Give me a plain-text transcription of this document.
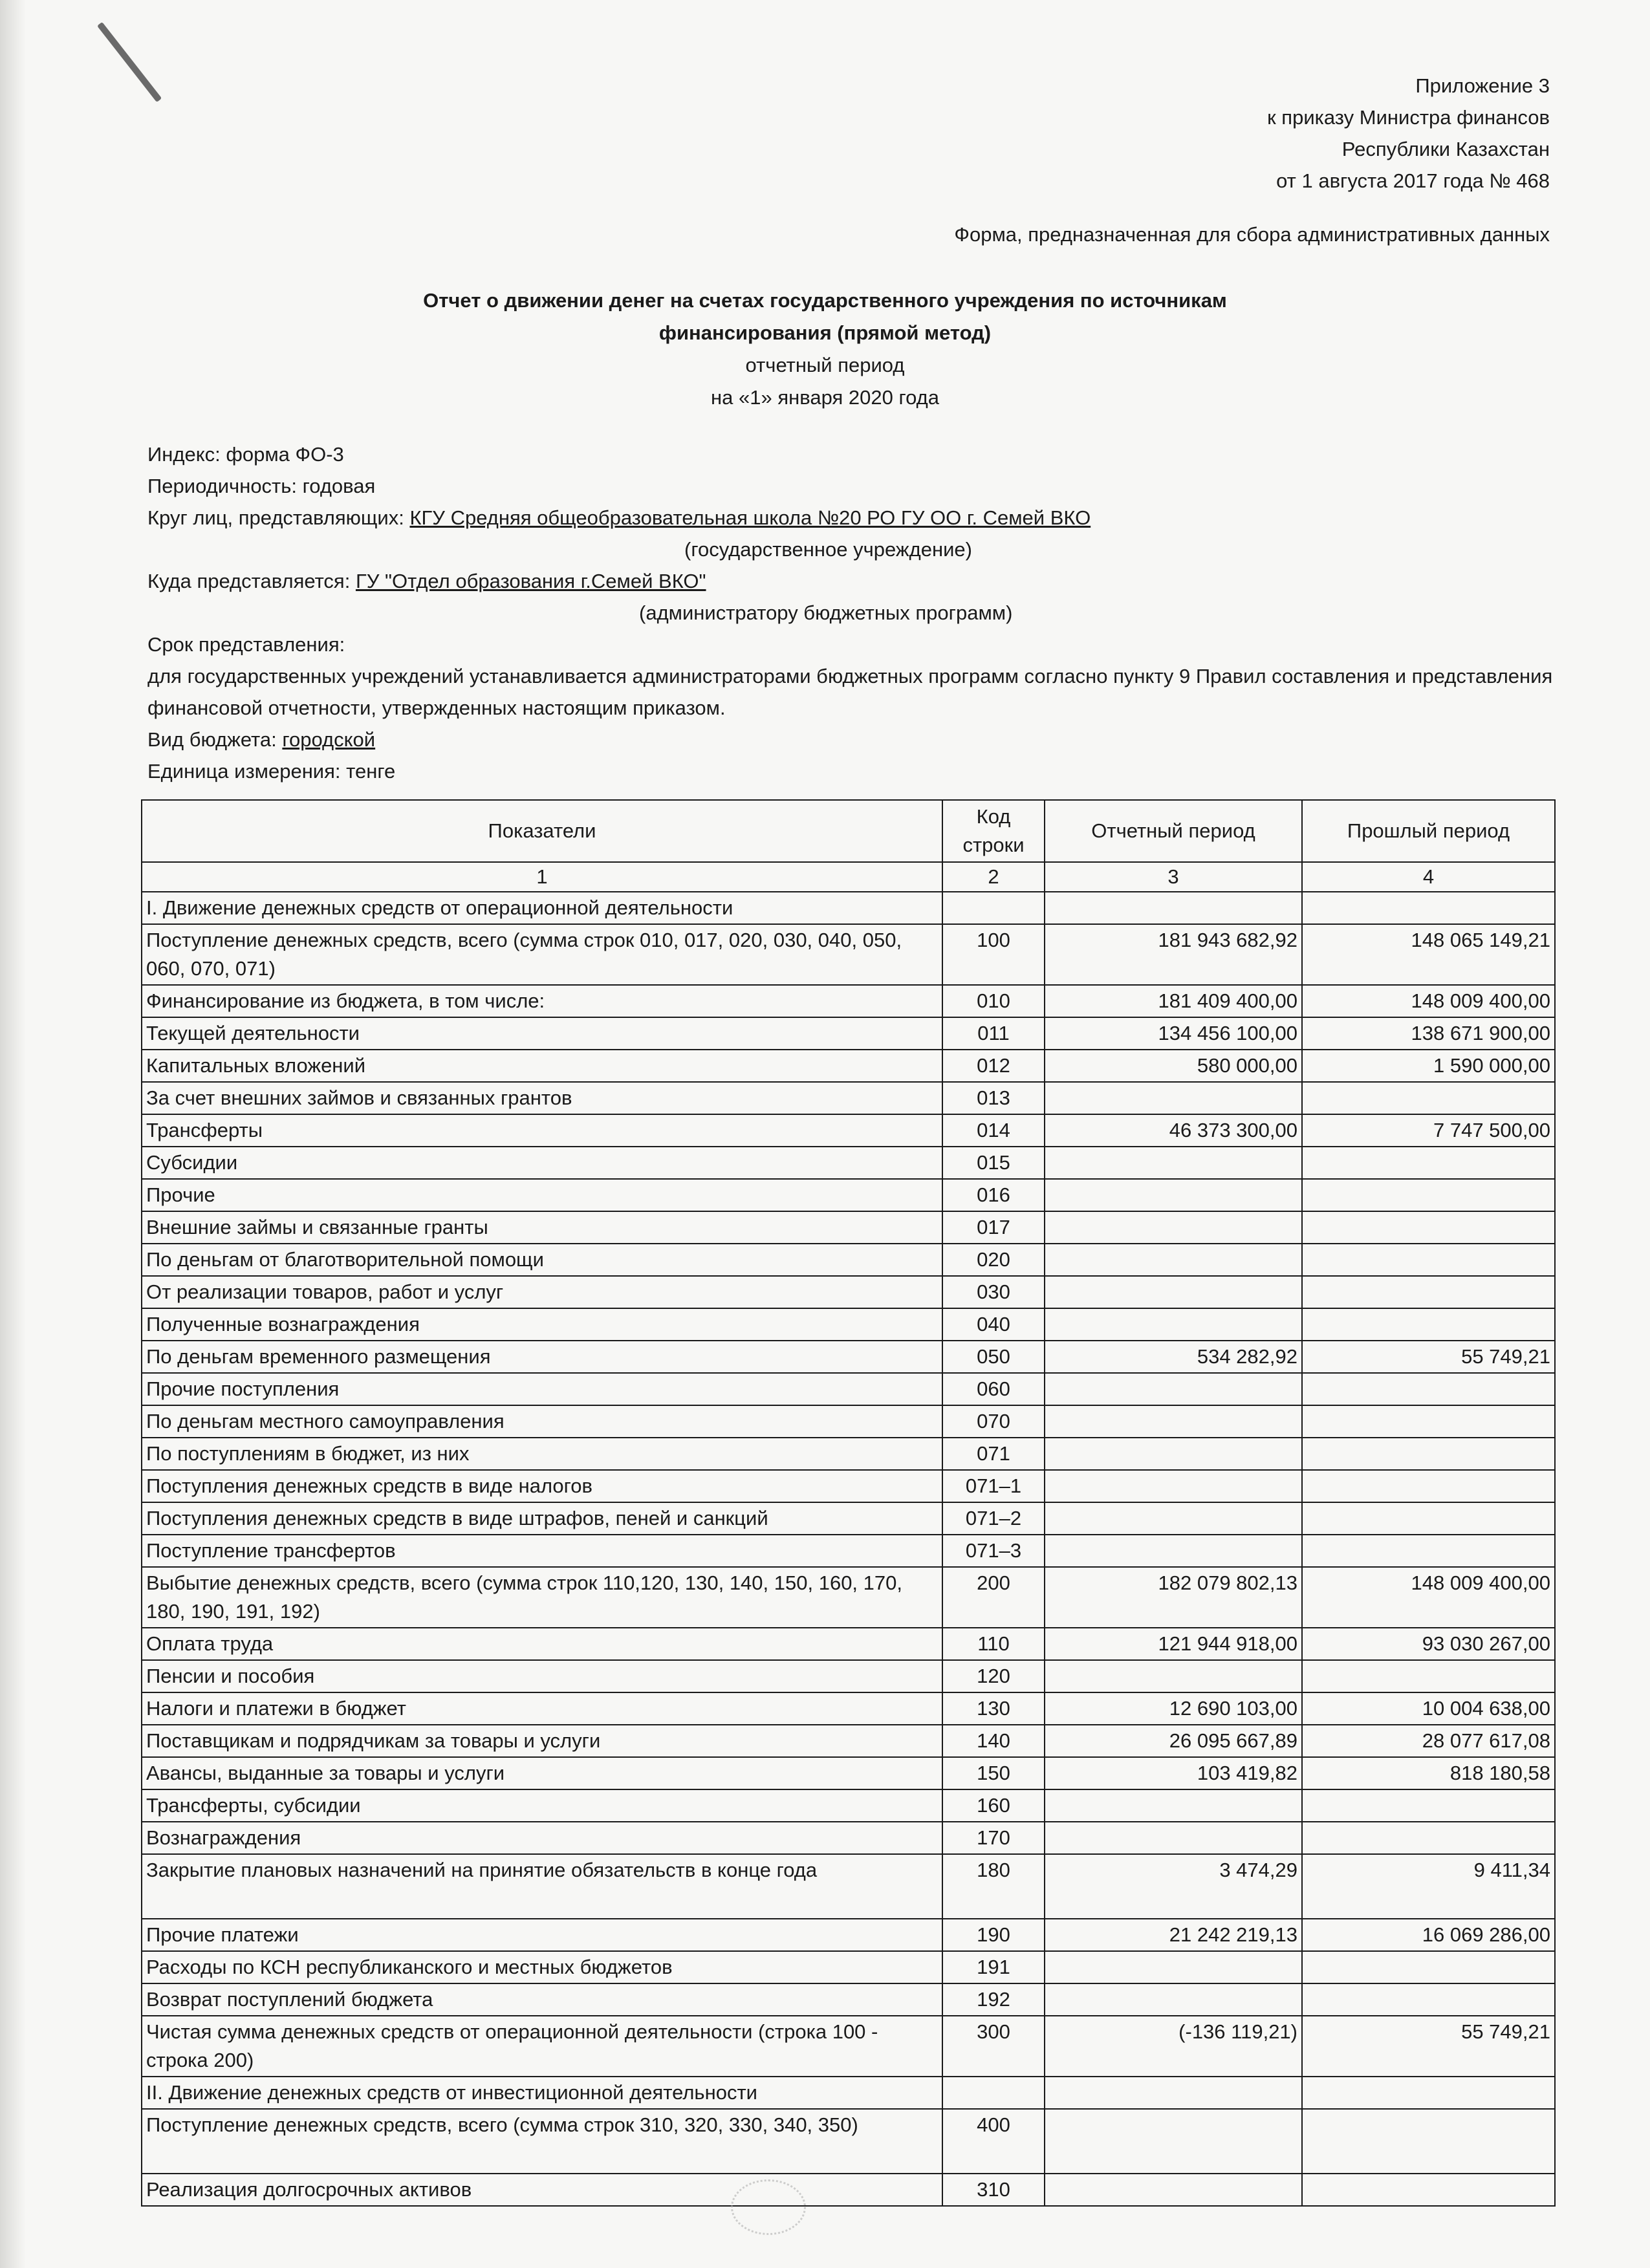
Приложение 3
к приказу Министра финансов
Республики Казахстан
от 1 августа 2017 года № 468
Форма, предназначенная для сбора административных данных
Отчет о движении денег на счетах государственного учреждения по источникам
финансирования (прямой метод)
отчетный период
на «1» января 2020 года
Индекс: форма ФО-3
Периодичность: годовая
Круг лиц, представляющих: КГУ Средняя общеобразовательная школа №20 РО ГУ ОО г. Семей ВКО
(государственное учреждение)
Куда представляется: ГУ "Отдел образования г.Семей ВКО"
(администратору бюджетных программ)
Срок представления:
для государственных учреждений устанавливается администраторами бюджетных программ согласно пункту 9 Правил составления и представления финансовой отчетности, утвержденных настоящим приказом.
Вид бюджета: городской
Единица измерения: тенге
Показатели	Код строки	Отчетный период	Прошлый период
1	2	3	4
I. Движение денежных средств от операционной деятельности			
Поступление денежных средств, всего (сумма строк 010, 017, 020, 030, 040, 050, 060, 070, 071)	100	181 943 682,92	148 065 149,21
Финансирование из бюджета, в том числе:	010	181 409 400,00	148 009 400,00
Текущей деятельности	011	134 456 100,00	138 671 900,00
Капитальных вложений	012	580 000,00	1 590 000,00
За счет внешних займов и связанных грантов	013		
Трансферты	014	46 373 300,00	7 747 500,00
Субсидии	015		
Прочие	016		
Внешние займы и связанные гранты	017		
По деньгам от благотворительной помощи	020		
От реализации товаров, работ и услуг	030		
Полученные вознаграждения	040		
По деньгам временного размещения	050	534 282,92	55 749,21
Прочие поступления	060		
По деньгам местного самоуправления	070		
По поступлениям в бюджет, из них	071		
Поступления денежных средств в виде налогов	071–1		
Поступления денежных средств в виде штрафов, пеней и санкций	071–2		
Поступление трансфертов	071–3		
Выбытие денежных средств, всего (сумма строк 110,120, 130, 140, 150, 160, 170, 180, 190, 191, 192)	200	182 079 802,13	148 009 400,00
Оплата труда	110	121 944 918,00	93 030 267,00
Пенсии и пособия	120		
Налоги и платежи в бюджет	130	12 690 103,00	10 004 638,00
Поставщикам и подрядчикам за товары и услуги	140	26 095 667,89	28 077 617,08
Авансы, выданные за товары и услуги	150	103 419,82	818 180,58
Трансферты, субсидии	160		
Вознаграждения	170		
Закрытие плановых назначений на принятие обязательств в конце года	180	3 474,29	9 411,34
Прочие платежи	190	21 242 219,13	16 069 286,00
Расходы по КСН республиканского и местных бюджетов	191		
Возврат поступлений бюджета	192		
Чистая сумма денежных средств от операционной деятельности (строка 100 - строка 200)	300	(-136 119,21)	55 749,21
II. Движение денежных средств от инвестиционной деятельности			
Поступление денежных средств, всего (сумма строк 310, 320, 330, 340, 350)	400		
Реализация долгосрочных активов	310		
